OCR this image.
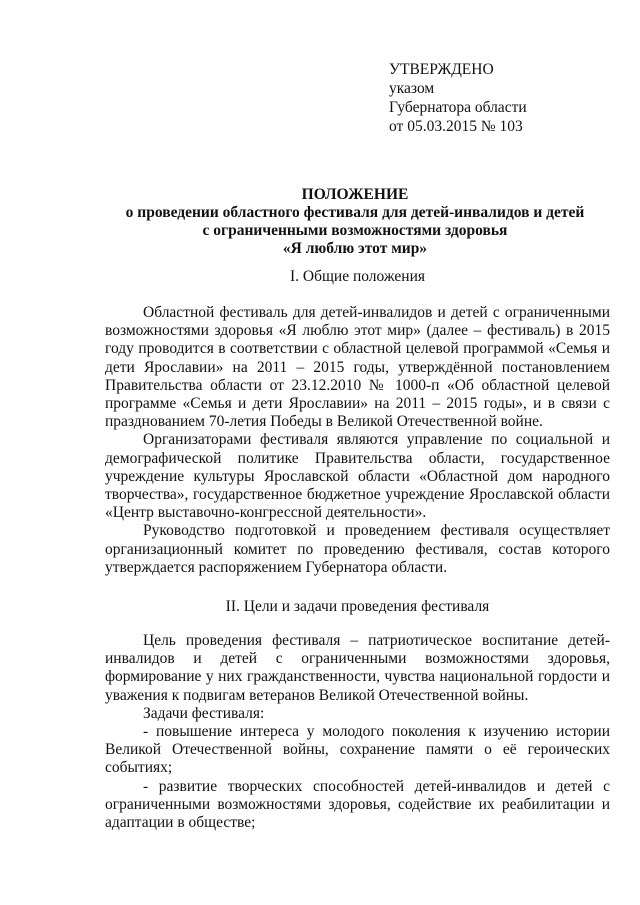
УТВЕРЖДЕНО
указом
Губернатора области
от 05.03.2015 № 103
ПОЛОЖЕНИЕ
о проведении областного фестиваля для детей-инвалидов и детей
с ограниченными возможностями здоровья
«Я люблю этот мир»
I. Общие положения

Областной фестиваль для детей-инвалидов и детей с ограниченными возможностями здоровья «Я люблю этот мир» (далее – фестиваль) в 2015 году проводится в соответствии с областной целевой программой «Семья и дети Ярославии» на 2011 – 2015 годы, утверждённой постановлением Правительства области от 23.12.2010 № 1000-п «Об областной целевой программе «Семья и дети Ярославии» на 2011 – 2015 годы», и в связи с празднованием 70-летия Победы в Великой Отечественной войне.

Организаторами фестиваля являются управление по социальной и демографической политике Правительства области, государственное учреждение культуры Ярославской области «Областной дом народного творчества», государственное бюджетное учреждение Ярославской области «Центр выставочно-конгрессной деятельности».

Руководство подготовкой и проведением фестиваля осуществляет организационный комитет по проведению фестиваля, состав которого утверждается распоряжением Губернатора области.

II. Цели и задачи проведения фестиваля

Цель проведения фестиваля – патриотическое воспитание детей-инвалидов и детей с ограниченными возможностями здоровья, формирование у них гражданственности, чувства национальной гордости и уважения к подвигам ветеранов Великой Отечественной войны.

Задачи фестиваля:

- повышение интереса у молодого поколения к изучению истории Великой Отечественной войны, сохранение памяти о её героических событиях;

- развитие творческих способностей детей-инвалидов и детей с ограниченными возможностями здоровья, содействие их реабилитации и адаптации в обществе;
